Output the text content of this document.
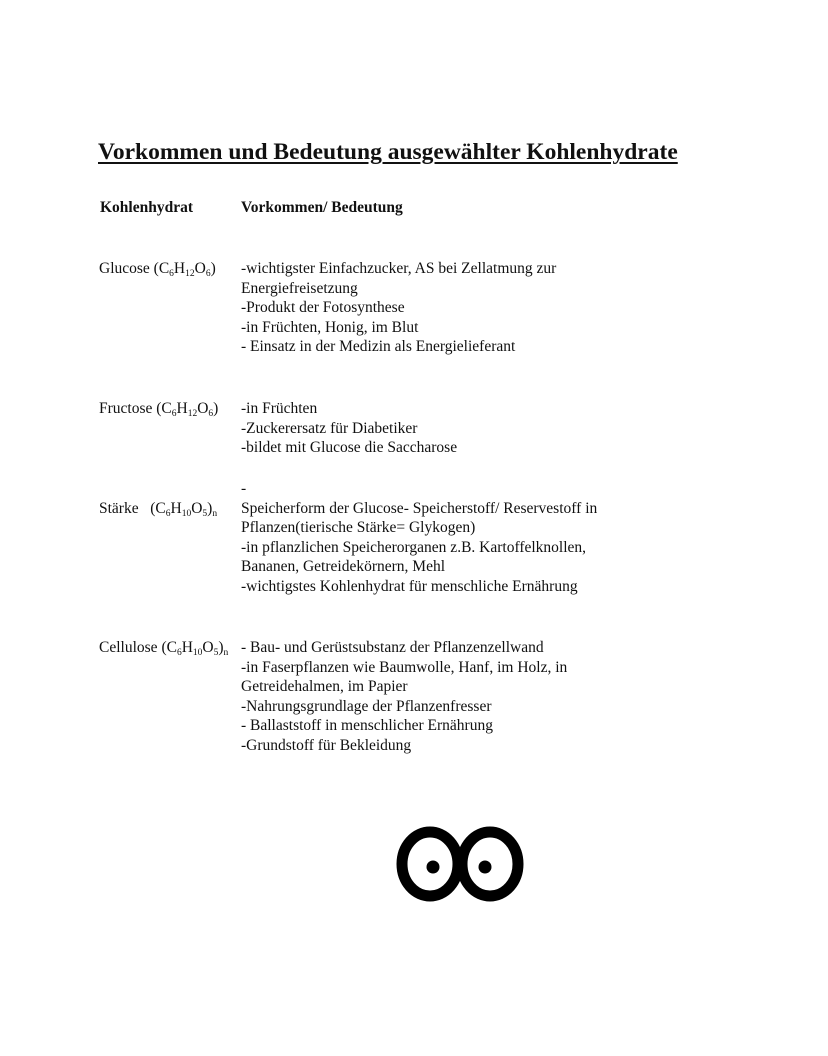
Vorkommen und Bedeutung ausgewählter Kohlenhydrate
Kohlenhydrat	Vorkommen/ Bedeutung
Glucose $(C_6H_{12}O_6)$ -wichtigster Einfachzucker, AS bei Zellatmung zur
Energiefreisetzung
-Produkt der Fotosynthese
-in Früchten, Honig, im Blut
- Einsatz in der Medizin als Energielieferant
Fructose $(C_6H_{12}O_6)$ -in Früchten
-Zuckerersatz für Diabetiker
-bildet mit Glucose die Saccharose
Stärke $(C_6H_{10}O_5)_n$
-
Speicherform der Glucose- Speicherstoff/ Reservestoff in
Pflanzen(tierische Stärke= Glykogen)
-in pflanzlichen Speicherorganen z.B. Kartoffelknollen,
Bananen, Getreidekörnern, Mehl
-wichtigstes Kohlenhydrat für menschliche Ernährung
Cellulose $(C_6H_{10}O_5)_n - Bau-$ und Gerüstsubstanz der Pflanzenzellwand
-in Faserpflanzen wie Baumwolle, Hanf, im Holz, in
Getreidehalmen, im Papier
-Nahrungsgrundlage der Pflanzenfresser
- Ballaststoff in menschlicher Ernährung
-Grundstoff für Bekleidung
